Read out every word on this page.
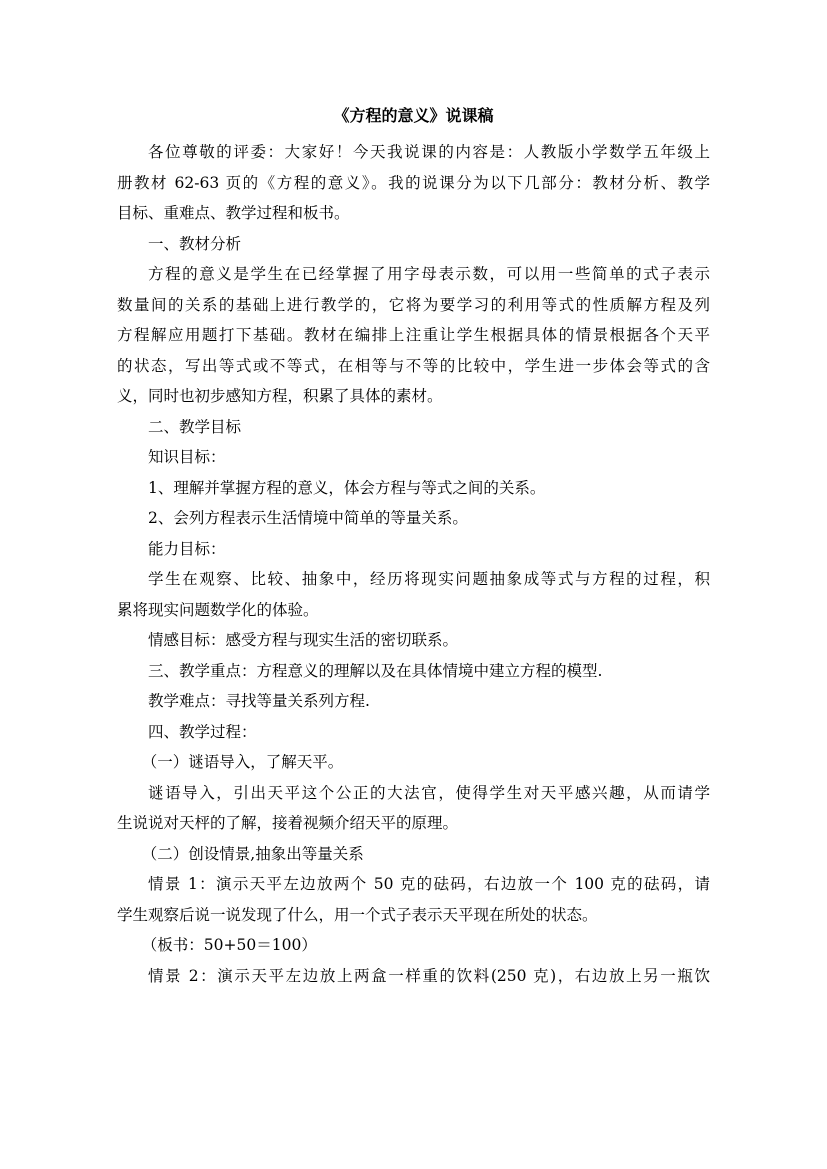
《方程的意义》说课稿

各位尊敬的评委：大家好！今天我说课的内容是：人教版小学数学五年级上
册教材 62-63 页的《方程的意义》。我的说课分为以下几部分：教材分析、教学
目标、重难点、教学过程和板书。

一、教材分析

方程的意义是学生在已经掌握了用字母表示数，可以用一些简单的式子表示
数量间的关系的基础上进行教学的，它将为要学习的利用等式的性质解方程及列
方程解应用题打下基础。教材在编排上注重让学生根据具体的情景根据各个天平
的状态，写出等式或不等式，在相等与不等的比较中，学生进一步体会等式的含
义，同时也初步感知方程，积累了具体的素材。

二、教学目标

知识目标：

1、理解并掌握方程的意义，体会方程与等式之间的关系。

2、会列方程表示生活情境中简单的等量关系。

能力目标：

学生在观察、比较、抽象中，经历将现实问题抽象成等式与方程的过程，积
累将现实问题数学化的体验。

情感目标：感受方程与现实生活的密切联系。

三、教学重点：方程意义的理解以及在具体情境中建立方程的模型.

教学难点：寻找等量关系列方程.

四、教学过程：

（一）谜语导入，了解天平。

谜语导入，引出天平这个公正的大法官，使得学生对天平感兴趣，从而请学
生说说对天枰的了解，接着视频介绍天平的原理。

（二）创设情景,抽象出等量关系

情景 1：演示天平左边放两个 50 克的砝码，右边放一个 100 克的砝码，请
学生观察后说一说发现了什么，用一个式子表示天平现在所处的状态。

（板书：50+50＝100）

情景 2：演示天平左边放上两盒一样重的饮料(250 克)，右边放上另一瓶饮
